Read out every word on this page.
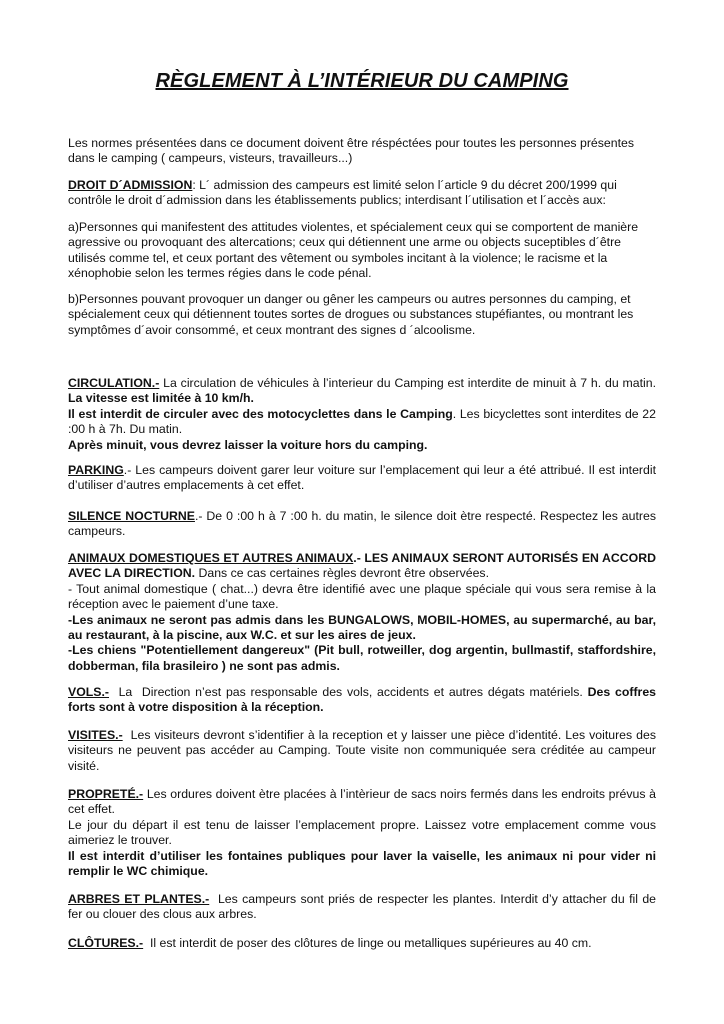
RÈGLEMENT À L’INTÉRIEUR DU CAMPING

Les normes présentées dans ce document doivent être réspéctées pour toutes les personnes présentes dans le camping ( campeurs, visteurs, travailleurs...)

DROIT D´ADMISSION: L´ admission des campeurs est limité selon l´article 9 du décret 200/1999 qui contrôle le droit d´admission dans les établissements publics; interdisant l´utilisation et l´accès aux:

a)Personnes qui manifestent des attitudes violentes, et spécialement ceux qui se comportent de manière agressive ou provoquant des altercations; ceux qui détiennent une arme ou objects suceptibles d´être utilisés comme tel, et ceux portant des vêtement ou symboles incitant à la violence; le racisme et la xénophobie selon les termes régies dans le code pénal.

b)Personnes pouvant provoquer un danger ou gêner les campeurs ou autres personnes du camping, et spécialement ceux qui détiennent toutes sortes de drogues ou substances stupéfiantes, ou montrant les symptômes d´avoir consommé, et ceux montrant des signes d ´alcoolisme.

CIRCULATION.- La circulation de véhicules à l’interieur du Camping est interdite de minuit à 7 h. du matin. La vitesse est limitée à 10 km/h.

Il est interdit de circuler avec des motocyclettes dans le Camping. Les bicyclettes sont interdites de 22 :00 h à 7h. Du matin.

Après minuit, vous devrez laisser la voiture hors du camping.

PARKING.- Les campeurs doivent garer leur voiture sur l’emplacement qui leur a été attribué. Il est interdit d’utiliser d’autres emplacements à cet effet.

SILENCE NOCTURNE.- De 0 :00 h à 7 :00 h. du matin, le silence doit ètre respecté. Respectez les autres campeurs.

ANIMAUX DOMESTIQUES ET AUTRES ANIMAUX.- LES ANIMAUX SERONT AUTORISÉS EN ACCORD AVEC LA DIRECTION. Dans ce cas certaines règles devront être observées.

- Tout animal domestique ( chat...) devra être identifié avec une plaque spéciale qui vous sera remise à la réception avec le paiement d’une taxe.

-Les animaux ne seront pas admis dans les BUNGALOWS, MOBIL-HOMES, au supermarché, au bar, au restaurant, à la piscine, aux W.C. et sur les aires de jeux.

-Les chiens "Potentiellement dangereux" (Pit bull, rotweiller, dog argentin, bullmastif, staffordshire, dobberman, fila brasileiro ) ne sont pas admis.

VOLS.-  La  Direction n’est pas responsable des vols, accidents et autres dégats matériels. Des coffres forts sont à votre disposition à la réception.

VISITES.-  Les visiteurs devront s’identifier à la reception et y laisser une pièce d’identité. Les voitures des visiteurs ne peuvent pas accéder au Camping. Toute visite non communiquée sera créditée au campeur visité.

PROPRETÉ.- Les ordures doivent ètre placées à l’intèrieur de sacs noirs fermés dans les endroits prévus à cet effet.

Le jour du départ il est tenu de laisser l’emplacement propre. Laissez votre emplacement comme vous aimeriez le trouver.

Il est interdit d’utiliser les fontaines publiques pour laver la vaiselle, les animaux ni pour vider ni remplir le WC chimique.

ARBRES ET PLANTES.-  Les campeurs sont priés de respecter les plantes. Interdit d’y attacher du fil de fer ou clouer des clous aux arbres.

CLÔTURES.-  Il est interdit de poser des clôtures de linge ou metalliques supérieures au 40 cm.
